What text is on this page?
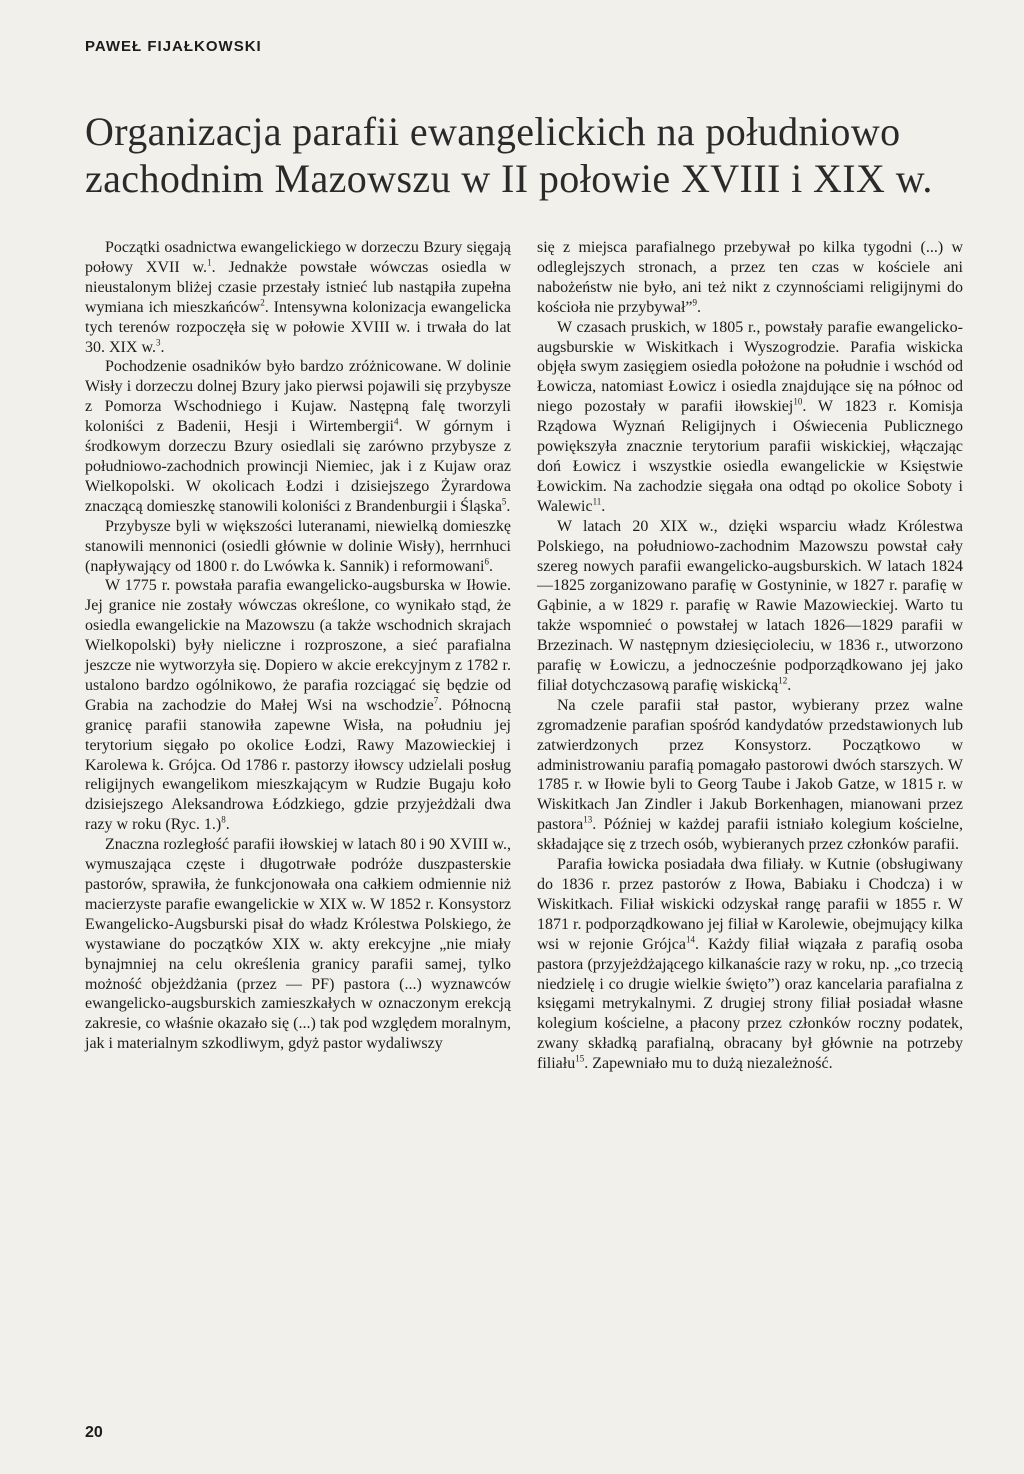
PAWEŁ FIJAŁKOWSKI
Organizacja parafii ewangelickich na południowo zachodnim Mazowszu w II połowie XVIII i XIX w.

Początki osadnictwa ewangelickiego w dorzeczu Bzury sięgają połowy XVII w.$^1$. Jednakże powstałe wówczas osiedla w nieustalonym bliżej czasie przestały istnieć lub nastąpiła zupełna wymiana ich mieszkańców$^2$. Intensywna kolonizacja ewangelicka tych terenów rozpoczęła się w połowie XVIII w. i trwała do lat 30. XIX w.$^3$.

Pochodzenie osadników było bardzo zróżnicowane. W dolinie Wisły i dorzeczu dolnej Bzury jako pierwsi pojawili się przybysze z Pomorza Wschodniego i Kujaw. Następną falę tworzyli koloniści z Badenii, Hesji i Wirtembergii$^4$. W górnym i środkowym dorzeczu Bzury osiedlali się zarówno przybysze z południowo-zachodnich prowincji Niemiec, jak i z Kujaw oraz Wielkopolski. W okolicach Łodzi i dzisiejszego Żyrardowa znaczącą domieszkę stanowili koloniści z Brandenburgii i Śląska$^5$.

Przybysze byli w większości luteranami, niewielką domieszkę stanowili mennonici (osiedli głównie w dolinie Wisły), herrnhuci (napływający od 1800 r. do Lwówka k. Sannik) i reformowani$^6$.

W 1775 r. powstała parafia ewangelicko-augsburska w Iłowie. Jej granice nie zostały wówczas określone, co wynikało stąd, że osiedla ewangelickie na Mazowszu (a także wschodnich skrajach Wielkopolski) były nieliczne i rozproszone, a sieć parafialna jeszcze nie wytworzyła się. Dopiero w akcie erekcyjnym z 1782 r. ustalono bardzo ogólnikowo, że parafia rozciągać się będzie od Grabia na zachodzie do Małej Wsi na wschodzie$^7$. Północną granicę parafii stanowiła zapewne Wisła, na południu jej terytorium sięgało po okolice Łodzi, Rawy Mazowieckiej i Karolewa k. Grójca. Od 1786 r. pastorzy iłowscy udzielali posług religijnych ewangelikom mieszkającym w Rudzie Bugaju koło dzisiejszego Aleksandrowa Łódzkiego, gdzie przyjeżdżali dwa razy w roku (Ryc. 1.)$^8$.

Znaczna rozległość parafii iłowskiej w latach 80 i 90 XVIII w., wymuszająca częste i długotrwałe podróże duszpasterskie pastorów, sprawiła, że funkcjonowała ona całkiem odmiennie niż macierzyste parafie ewangelickie w XIX w. W 1852 r. Konsystorz Ewangelicko-Augsburski pisał do władz Królestwa Polskiego, że wystawiane do początków XIX w. akty erekcyjne „nie miały bynajmniej na celu określenia granicy parafii samej, tylko możność objeżdżania (przez — PF) pastora (...) wyznawców ewangelicko-augsburskich zamieszkałych w oznaczonym erekcją zakresie, co właśnie okazało się (...) tak pod względem moralnym, jak i materialnym szkodliwym, gdyż pastor wydaliwszy

się z miejsca parafialnego przebywał po kilka tygodni (...) w odleglejszych stronach, a przez ten czas w kościele ani nabożeństw nie było, ani też nikt z czynnościami religijnymi do kościoła nie przybywał”$^9$.

W czasach pruskich, w 1805 r., powstały parafie ewangelicko-augsburskie w Wiskitkach i Wyszogrodzie. Parafia wiskicka objęła swym zasięgiem osiedla położone na południe i wschód od Łowicza, natomiast Łowicz i osiedla znajdujące się na północ od niego pozostały w parafii iłowskiej$^{10}$. W 1823 r. Komisja Rządowa Wyznań Religijnych i Oświecenia Publicznego powiększyła znacznie terytorium parafii wiskickiej, włączając doń Łowicz i wszystkie osiedla ewangelickie w Księstwie Łowickim. Na zachodzie sięgała ona odtąd po okolice Soboty i Walewic$^{11}$.

W latach 20 XIX w., dzięki wsparciu władz Królestwa Polskiego, na południowo-zachodnim Mazowszu powstał cały szereg nowych parafii ewangelicko-augsburskich. W latach 1824—1825 zorganizowano parafię w Gostyninie, w 1827 r. parafię w Gąbinie, a w 1829 r. parafię w Rawie Mazowieckiej. Warto tu także wspomnieć o powstałej w latach 1826—1829 parafii w Brzezinach. W następnym dziesięcioleciu, w 1836 r., utworzono parafię w Łowiczu, a jednocześnie podporządkowano jej jako filiał dotychczasową parafię wiskicką$^{12}$.

Na czele parafii stał pastor, wybierany przez walne zgromadzenie parafian spośród kandydatów przedstawionych lub zatwierdzonych przez Konsystorz. Początkowo w administrowaniu parafią pomagało pastorowi dwóch starszych. W 1785 r. w Iłowie byli to Georg Taube i Jakob Gatze, w 1815 r. w Wiskitkach Jan Zindler i Jakub Borkenhagen, mianowani przez pastora$^{13}$. Później w każdej parafii istniało kolegium kościelne, składające się z trzech osób, wybieranych przez członków parafii.

Parafia łowicka posiadała dwa filiały. w Kutnie (obsługiwany do 1836 r. przez pastorów z Iłowa, Babiaku i Chodcza) i w Wiskitkach. Filiał wiskicki odzyskał rangę parafii w 1855 r. W 1871 r. podporządkowano jej filiał w Karolewie, obejmujący kilka wsi w rejonie Grójca$^{14}$. Każdy filiał wiązała z parafią osoba pastora (przyjeżdżającego kilkanaście razy w roku, np. „co trzecią niedzielę i co drugie wielkie święto”) oraz kancelaria parafialna z księgami metrykalnymi. Z drugiej strony filiał posiadał własne kolegium kościelne, a płacony przez członków roczny podatek, zwany składką parafialną, obracany był głównie na potrzeby filiału$^{15}$. Zapewniało mu to dużą niezależność.

20
